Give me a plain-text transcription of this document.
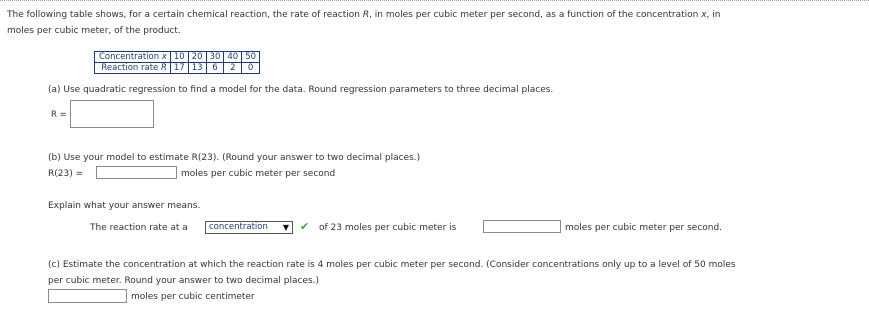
The following table shows, for a certain chemical reaction, the rate of reaction R, in moles per cubic meter per second, as a function of the concentration x, in
moles per cubic meter, of the product.
Concentration x	10	20	30	40	50
Reaction rate R	17	13	6	2	0
(a) Use quadratic regression to find a model for the data. Round regression parameters to three decimal places.
R =
(b) Use your model to estimate R(23). (Round your answer to two decimal places.)
R(23) =	moles per cubic meter per second
Explain what your answer means.
The reaction rate at a	concentration ▼ ✔ of 23 moles per cubic meter is	moles per cubic meter per second.
(c) Estimate the concentration at which the reaction rate is 4 moles per cubic meter per second. (Consider concentrations only up to a level of 50 moles
per cubic meter. Round your answer to two decimal places.)
moles per cubic centimeter
